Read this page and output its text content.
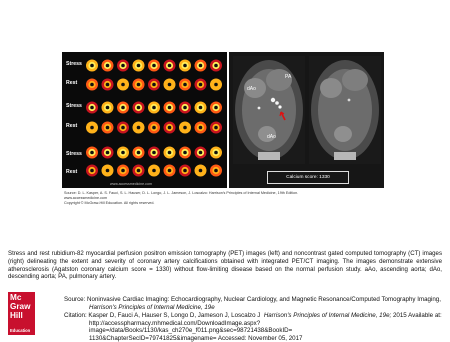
Stress
Rest
Stress
Rest
Stress
Rest
www.accessmedicine.com
PA
dAo
dAo
Calcium score: 1330
Source: D. L. Kasper, A. S. Fauci, S. L. Hauser, D. L. Longo, J. L. Jameson, J. Loscalzo: Harrison's Principles of Internal Medicine, 19th Edition.
www.accessmedicine.com
Copyright © McGraw-Hill Education. All rights reserved.
Stress and rest rubidium-82 myocardial perfusion positron emission tomography (PET) images (left) and noncontrast gated computed tomography (CT) images (right) delineating the extent and severity of coronary artery calcifications obtained with integrated PET/CT imaging. The images demonstrate extensive atherosclerosis (Agatston coronary calcium score = 1330) without flow-limiting disease based on the normal perfusion study. aAo, ascending aorta; dAo, descending aorta; PA, pulmonary artery.
Mc
Graw
Hill
Education
Source: Noninvasive Cardiac Imaging: Echocardiography, Nuclear Cardiology, and Magnetic Resonance/Computed Tomography Imaging,
Harrison's Principles of Internal Medicine, 19e
Citation: Kasper D, Fauci A, Hauser S, Longo D, Jameson J, Loscalzo J Harrison's Principles of Internal Medicine, 19e; 2015 Available at:
http://accesspharmacy.mhmedical.com/DownloadImage.aspx?image=/data/Books/1130/kas_ch270e_f011.png&sec=98721438&BookID=
1130&ChapterSecID=79741825&imagename= Accessed: November 05, 2017
